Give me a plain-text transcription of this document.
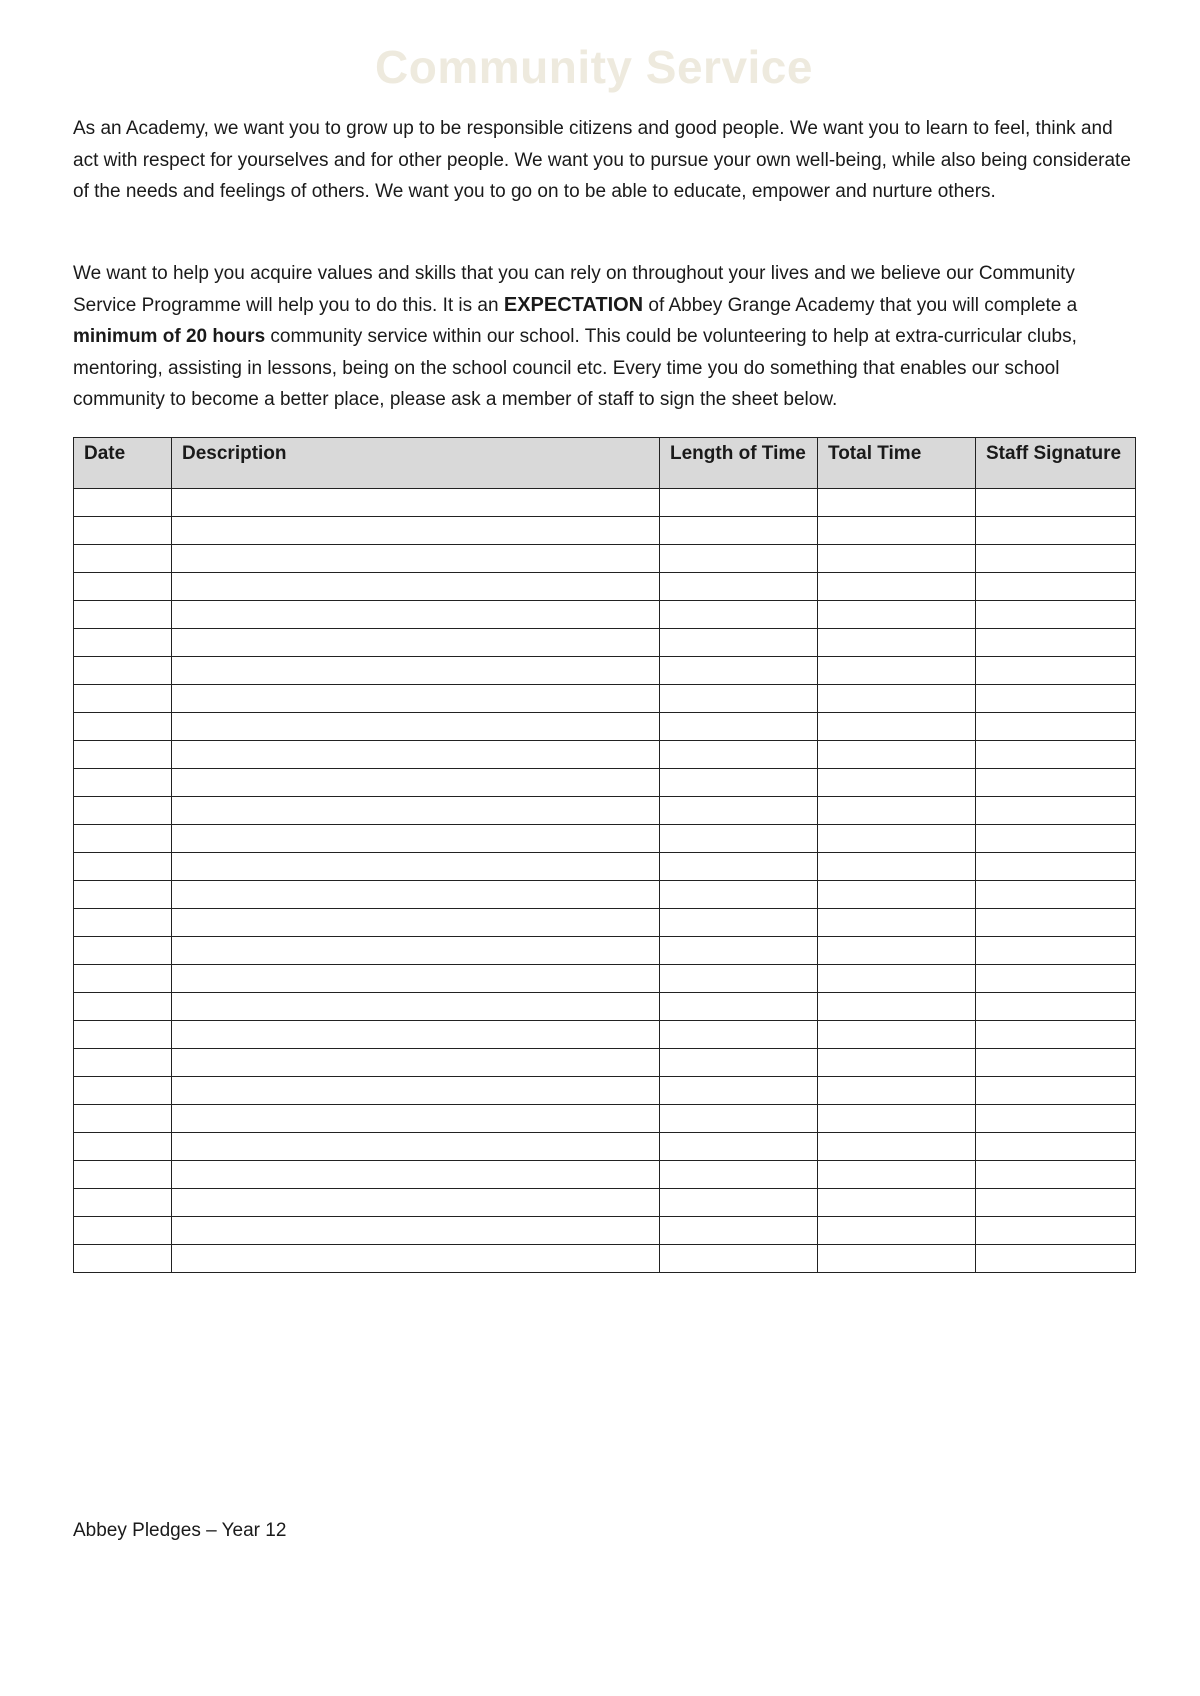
Community Service

As an Academy, we want you to grow up to be responsible citizens and good people. We want you to learn to feel, think and act with respect for yourselves and for other people. We want you to pursue your own well-being, while also being considerate of the needs and feelings of others. We want you to go on to be able to educate, empower and nurture others.

We want to help you acquire values and skills that you can rely on throughout your lives and we believe our Community Service Programme will help you to do this. It is an EXPECTATION of Abbey Grange Academy that you will complete a minimum of 20 hours community service within our school. This could be volunteering to help at extra-curricular clubs, mentoring, assisting in lessons, being on the school council etc. Every time you do something that enables our school community to become a better place, please ask a member of staff to sign the sheet below.

Date	Description	Length of Time	Total Time	Staff Signature

Abbey Pledges – Year 12
